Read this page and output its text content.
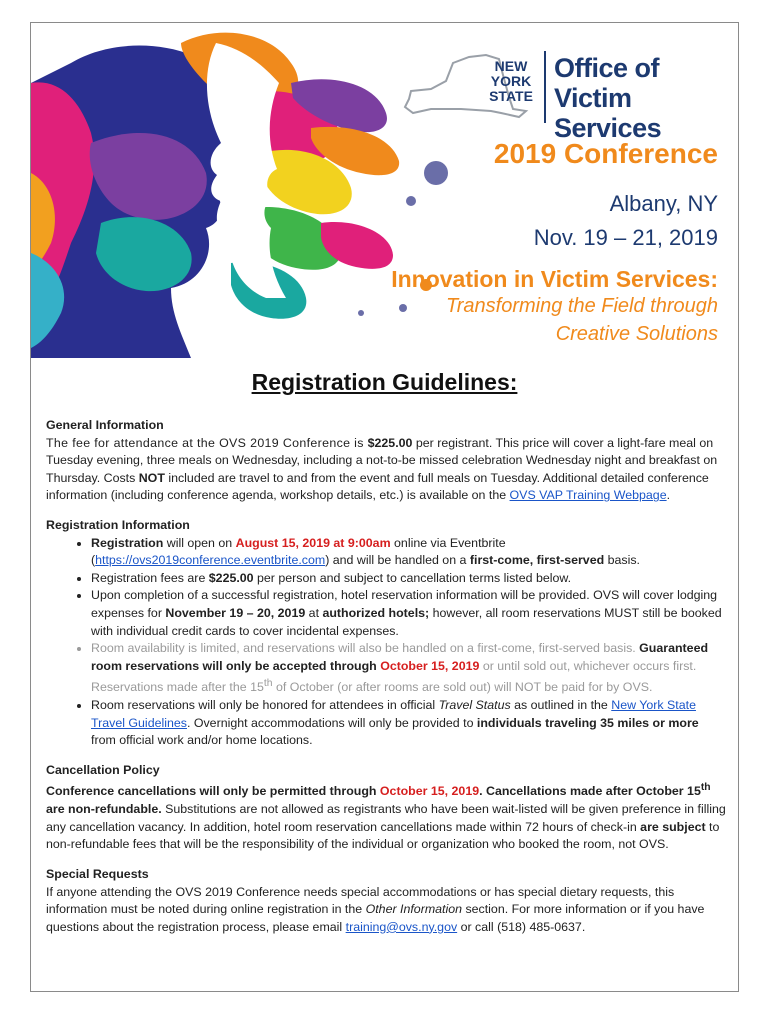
NEW
YORK
STATE
Office of
Victim Services
2019 Conference
Albany, NY
Nov. 19 – 21, 2019
Innovation in Victim Services:
Transforming the Field through
Creative Solutions
Registration Guidelines:

General Information

The fee for attendance at the OVS 2019 Conference is $225.00 per registrant. This price will cover a light-fare meal on Tuesday evening, three meals on Wednesday, including a not-to-be missed celebration Wednesday night and breakfast on Thursday. Costs NOT included are travel to and from the event and full meals on Tuesday. Additional detailed conference information (including conference agenda, workshop details, etc.) is available on the OVS VAP Training Webpage.

Registration Information

• Registration will open on August 15, 2019 at 9:00am online via Eventbrite (https://ovs2019conference.eventbrite.com) and will be handled on a first-come, first-served basis.
• Registration fees are $225.00 per person and subject to cancellation terms listed below.
• Upon completion of a successful registration, hotel reservation information will be provided. OVS will cover lodging expenses for November 19 – 20, 2019 at authorized hotels; however, all room reservations MUST still be booked with individual credit cards to cover incidental expenses.
• Room availability is limited, and reservations will also be handled on a first-come, first-served basis. Guaranteed room reservations will only be accepted through October 15, 2019 or until sold out, whichever occurs first. Reservations made after the 15th of October (or after rooms are sold out) will NOT be paid for by OVS.
• Room reservations will only be honored for attendees in official Travel Status as outlined in the New York State Travel Guidelines. Overnight accommodations will only be provided to individuals traveling 35 miles or more from official work and/or home locations.

Cancellation Policy

Conference cancellations will only be permitted through October 15, 2019. Cancellations made after October 15th are non-refundable. Substitutions are not allowed as registrants who have been wait-listed will be given preference in filling any cancellation vacancy. In addition, hotel room reservation cancellations made within 72 hours of check-in are subject to non-refundable fees that will be the responsibility of the individual or organization who booked the room, not OVS.

Special Requests

If anyone attending the OVS 2019 Conference needs special accommodations or has special dietary requests, this information must be noted during online registration in the Other Information section. For more information or if you have questions about the registration process, please email training@ovs.ny.gov or call (518) 485-0637.
